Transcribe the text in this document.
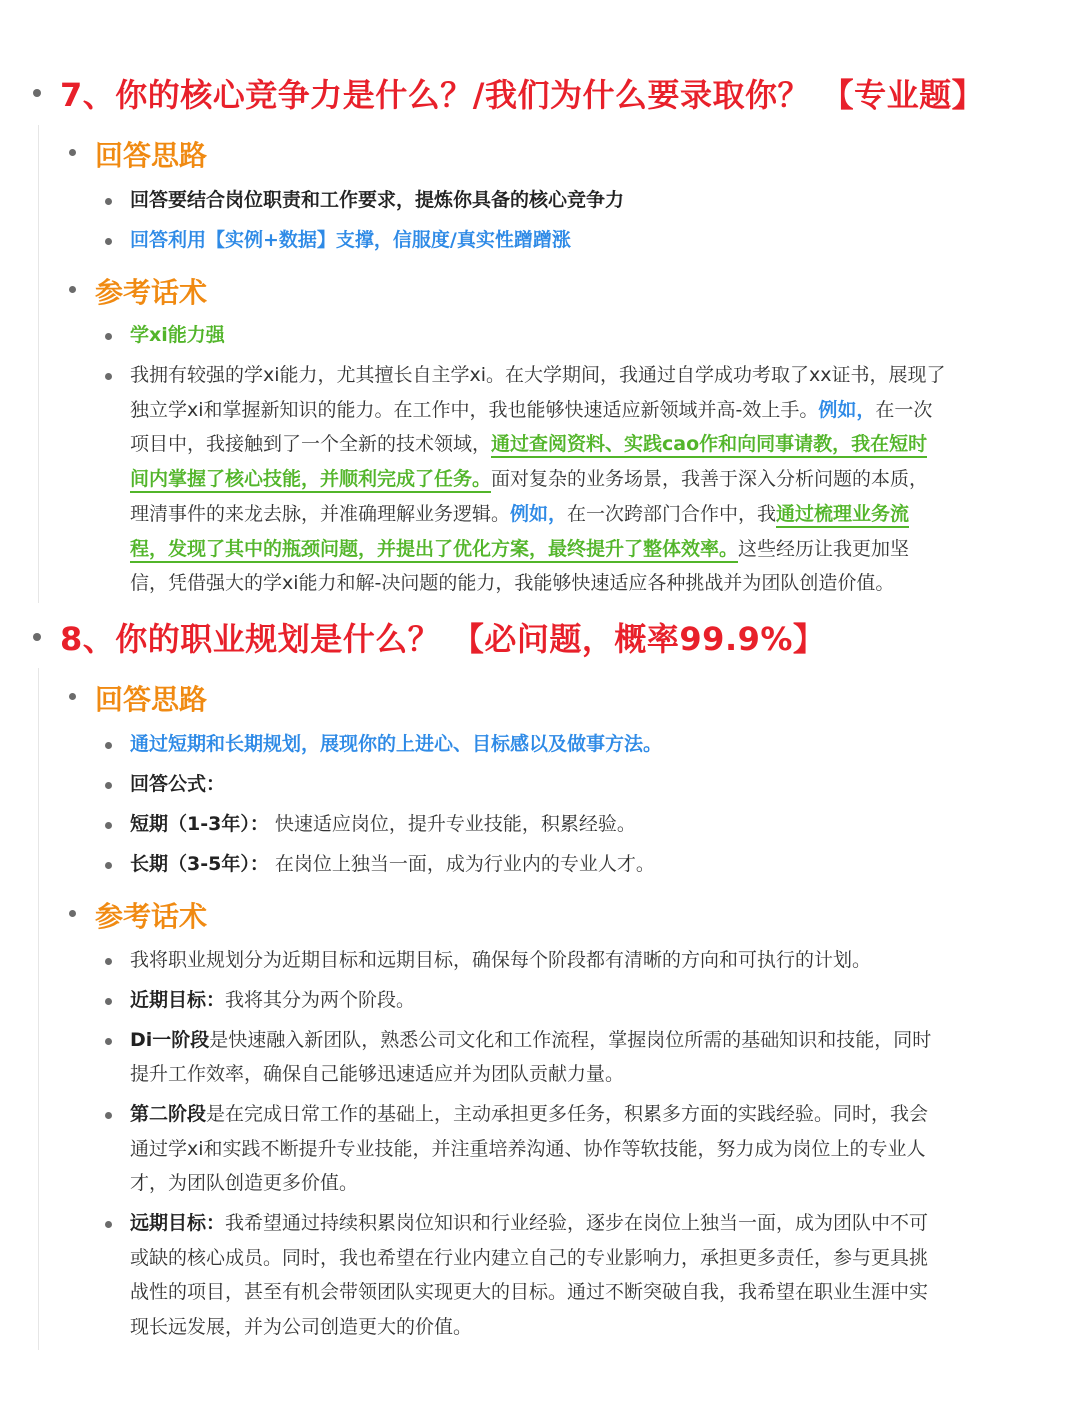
7、你的核心竞争力是什么？/我们为什么要录取你？ 【专业题】
回答思路
回答要结合岗位职责和工作要求，提炼你具备的核心竞争力
回答利用【实例+数据】支撑，信服度/真实性蹭蹭涨
参考话术
学xi能力强
我拥有较强的学xi能力，尤其擅长自主学xi。在大学期间，我通过自学成功考取了xx证书，展现了
独立学xi和掌握新知识的能力。在工作中，我也能够快速适应新领域并高-效上手。例如，在一次
项目中，我接触到了一个全新的技术领域，通过查阅资料、实践cao作和向同事请教，我在短时
间内掌握了核心技能，并顺利完成了任务。面对复杂的业务场景，我善于深入分析问题的本质，
理清事件的来龙去脉，并准确理解业务逻辑。例如，在一次跨部门合作中，我通过梳理业务流
程，发现了其中的瓶颈问题，并提出了优化方案，最终提升了整体效率。这些经历让我更加坚
信，凭借强大的学xi能力和解-决问题的能力，我能够快速适应各种挑战并为团队创造价值。
8、你的职业规划是什么？ 【必问题，概率99.9%】
回答思路
通过短期和长期规划，展现你的上进心、目标感以及做事方法。
回答公式：
短期（1-3年）： 快速适应岗位，提升专业技能，积累经验。
长期（3-5年）： 在岗位上独当一面，成为行业内的专业人才。
参考话术
我将职业规划分为近期目标和远期目标，确保每个阶段都有清晰的方向和可执行的计划。
近期目标：我将其分为两个阶段。
Di一阶段是快速融入新团队，熟悉公司文化和工作流程，掌握岗位所需的基础知识和技能，同时
提升工作效率，确保自己能够迅速适应并为团队贡献力量。
第二阶段是在完成日常工作的基础上，主动承担更多任务，积累多方面的实践经验。同时，我会
通过学xi和实践不断提升专业技能，并注重培养沟通、协作等软技能，努力成为岗位上的专业人
才，为团队创造更多价值。
远期目标：我希望通过持续积累岗位知识和行业经验，逐步在岗位上独当一面，成为团队中不可
或缺的核心成员。同时，我也希望在行业内建立自己的专业影响力，承担更多责任，参与更具挑
战性的项目，甚至有机会带领团队实现更大的目标。通过不断突破自我，我希望在职业生涯中实
现长远发展，并为公司创造更大的价值。
